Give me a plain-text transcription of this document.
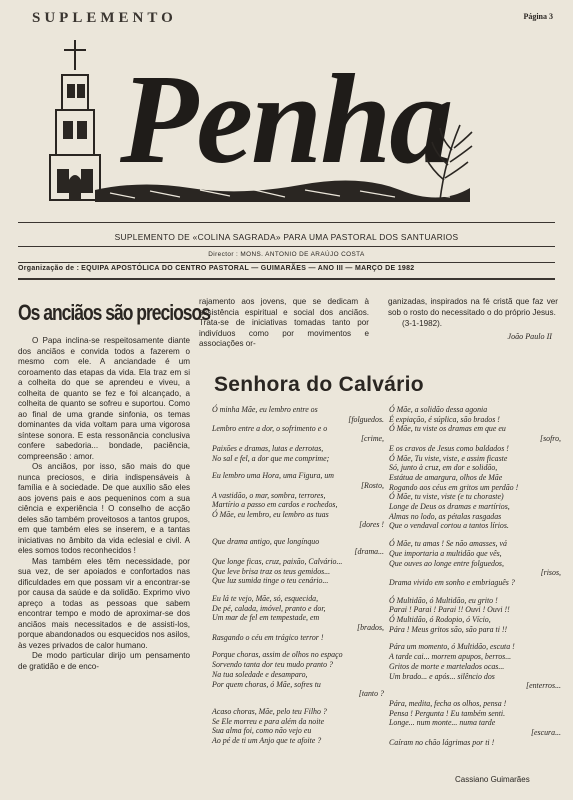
SUPLEMENTO	Página 3
Penha
SUPLEMENTO DE «COLINA SAGRADA» PARA UMA PASTORAL DOS SANTUARIOS
Director : MONS. ANTONIO DE ARAÚJO COSTA
Organização de : EQUIPA APOSTÓLICA DO CENTRO PASTORAL — GUIMARÃES — ANO III — MARÇO DE 1982
Os anciãos são preciosos

O Papa inclina-se respeitosamente diante dos anciãos e convida todos a fazerem o mesmo com ele. A anciandade é um coroamento das etapas da vida. Ela traz em si a colheita do que se aprendeu e viveu, a colheita de quanto se fez e foi alcançado, a colheita de quanto se sofreu e suportou. Como ao final de uma grande sinfonia, os temas dominantes da vida voltam para uma vigorosa síntese sonora. E esta ressonância conclusiva confere sabedoria... bondade, paciência, compreensão : amor.

Os anciãos, por isso, são mais do que nunca preciosos, e diria indispensáveis à família e à sociedade. De que auxílio são eles aos jovens pais e aos pequeninos com a sua ciência e experiência ! O conselho de acção deles são também proveitosos a tantos grupos, em que também eles se inserem, e a tantas iniciativas no âmbito da vida eclesial e civil. A eles somos todos reconhecidos !

Mas também eles têm necessidade, por sua vez, de ser apoiados e confortados nas dificuldades em que possam vir a encontrar-se por causa da saúde e da solidão. Exprimo vivo apreço a todas as pessoas que sabem encontrar tempo e modo de aproximar-se dos anciãos mais necessitados e de assisti-los, porque abandonados ou esquecidos nos asilos, às vezes privados de calor humano.

De modo particular dirijo um pensamento de gratidão e de enco-

rajamento aos jovens, que se dedicam à assistência espiritual e social dos anciãos. Trata-se de iniciativas tomadas tanto por indivíduos como por movimentos e associações or-

ganizadas, inspirados na fé cristã que faz ver sob o rosto do necessitado o do próprio Jesus.

(3-1-1982).
João Paulo II
Senhora do Calvário
Ó minha Mãe, eu lembro entre os
[folguedos.
Lembro entre a dor, o sofrimento e o
[crime,
Paixões e dramas, lutas e derrotas,
No sal e fel, a dor que me comprime;
Eu lembro uma Hora, uma Figura, um
[Rosto,
A vastidão, o mar, sombra, terrores,
Martírio a passo em cardos e rochedos,
Ó Mãe, eu lembro, eu lembro as tuas
[dores !
Que drama antigo, que longínquo
[drama...
Que longe ficas, cruz, paixão, Calvário...
Que leve brisa traz os teus gemidos...
Que luz sumida tinge o teu cenário...
Eu lá te vejo, Mãe, só, esquecida,
De pé, calada, imóvel, pranto e dor,
Um mar de fel em tempestade, em
[brados,
Rasgando o céu em trágico terror !
Porque choras, assim de olhos no espaço
Sorvendo tanta dor teu mudo pranto ?
Na tua soledade e desamparo,
Por quem choras, ó Mãe, sofres tu
[tanto ?
Acaso choras, Mãe, pelo teu Filho ?
Se Ele morreu e para além da noite
Sua alma foi, como não vejo eu
Ao pé de ti um Anjo que te afoite ?
Ó Mãe, a solidão dessa agonia
É expiação, é súplica, são brados !
Ó Mãe, tu viste os dramas em que eu
[sofro,
E os cravos de Jesus como baldados !
Ó Mãe, Tu viste, viste, e assim ficaste
Só, junto à cruz, em dor e solidão,
Estátua de amargura, olhos de Mãe
Rogando aos céus em gritos um perdão !
Ó Mãe, tu viste, viste (e tu choraste)
Longe de Deus os dramas e martírios,
Almas no lodo, as pétalas rasgadas
Que o vendaval cortou a tantos lírios.
Ó Mãe, tu amas ! Se não amasses, vá
Que importaria a multidão que vês,
Que ouves ao longe entre folguedos,
[risos,
Drama vivido em sonho e embriaguês ?
Ó Multidão, ó Multidão, eu grito !
Parai ! Parai ! Parai !! Ouvi ! Ouvi !!
Ó Multidão, ó Rodopio, ó Vício,
Pára ! Meus gritos são, são para ti !!
Pára um momento, ó Multidão, escuta !
A tarde cai... morrem apupos, berros...
Gritos de morte e martelados ocas...
Um brado... e após... silêncio dos
[enterros...
Pára, medita, fecha os olhos, pensa !
Pensa ! Pergunta ! Eu também senti.
Longe... num monte... numa tarde
[escura...
Caíram no chão lágrimas por ti !
Cassiano Guimarães
